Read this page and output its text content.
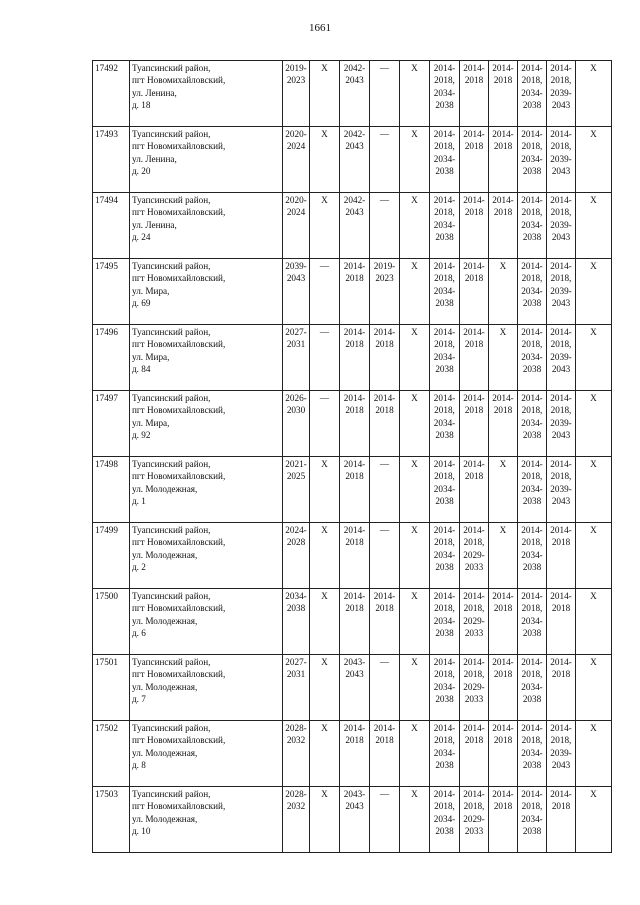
1661
17492	Туапсинский район,
пгт Новомихайловский,
ул. Ленина,
д. 18	2019-
2023	Х	2042-
2043	—	Х	2014-
2018,
2034-
2038	2014-
2018	2014-
2018	2014-
2018,
2034-
2038	2014-
2018,
2039-
2043	Х

17493	Туапсинский район,
пгт Новомихайловский,
ул. Ленина,
д. 20	2020-
2024	Х	2042-
2043	—	Х	2014-
2018,
2034-
2038	2014-
2018	2014-
2018	2014-
2018,
2034-
2038	2014-
2018,
2039-
2043	Х

17494	Туапсинский район,
пгт Новомихайловский,
ул. Ленина,
д. 24	2020-
2024	Х	2042-
2043	—	Х	2014-
2018,
2034-
2038	2014-
2018	2014-
2018	2014-
2018,
2034-
2038	2014-
2018,
2039-
2043	Х

17495	Туапсинский район,
пгт Новомихайловский,
ул. Мира,
д. 69	2039-
2043	—	2014-
2018	2019-
2023	Х	2014-
2018,
2034-
2038	2014-
2018	Х	2014-
2018,
2034-
2038	2014-
2018,
2039-
2043	Х

17496	Туапсинский район,
пгт Новомихайловский,
ул. Мира,
д. 84	2027-
2031	—	2014-
2018	2014-
2018	Х	2014-
2018,
2034-
2038	2014-
2018	Х	2014-
2018,
2034-
2038	2014-
2018,
2039-
2043	Х

17497	Туапсинский район,
пгт Новомихайловский,
ул. Мира,
д. 92	2026-
2030	—	2014-
2018	2014-
2018	Х	2014-
2018,
2034-
2038	2014-
2018	2014-
2018	2014-
2018,
2034-
2038	2014-
2018,
2039-
2043	Х

17498	Туапсинский район,
пгт Новомихайловский,
ул. Молодежная,
д. 1	2021-
2025	Х	2014-
2018	—	Х	2014-
2018,
2034-
2038	2014-
2018	Х	2014-
2018,
2034-
2038	2014-
2018,
2039-
2043	Х

17499	Туапсинский район,
пгт Новомихайловский,
ул. Молодежная,
д. 2	2024-
2028	Х	2014-
2018	—	Х	2014-
2018,
2034-
2038	2014-
2018,
2029-
2033	Х	2014-
2018,
2034-
2038	2014-
2018	Х

17500	Туапсинский район,
пгт Новомихайловский,
ул. Молодежная,
д. 6	2034-
2038	Х	2014-
2018	2014-
2018	Х	2014-
2018,
2034-
2038	2014-
2018,
2029-
2033	2014-
2018	2014-
2018,
2034-
2038	2014-
2018	Х

17501	Туапсинский район,
пгт Новомихайловский,
ул. Молодежная,
д. 7	2027-
2031	Х	2043-
2043	—	Х	2014-
2018,
2034-
2038	2014-
2018,
2029-
2033	2014-
2018	2014-
2018,
2034-
2038	2014-
2018	Х

17502	Туапсинский район,
пгт Новомихайловский,
ул. Молодежная,
д. 8	2028-
2032	Х	2014-
2018	2014-
2018	Х	2014-
2018,
2034-
2038	2014-
2018	2014-
2018	2014-
2018,
2034-
2038	2014-
2018,
2039-
2043	Х

17503	Туапсинский район,
пгт Новомихайловский,
ул. Молодежная,
д. 10	2028-
2032	Х	2043-
2043	—	Х	2014-
2018,
2034-
2038	2014-
2018,
2029-
2033	2014-
2018	2014-
2018,
2034-
2038	2014-
2018	Х
